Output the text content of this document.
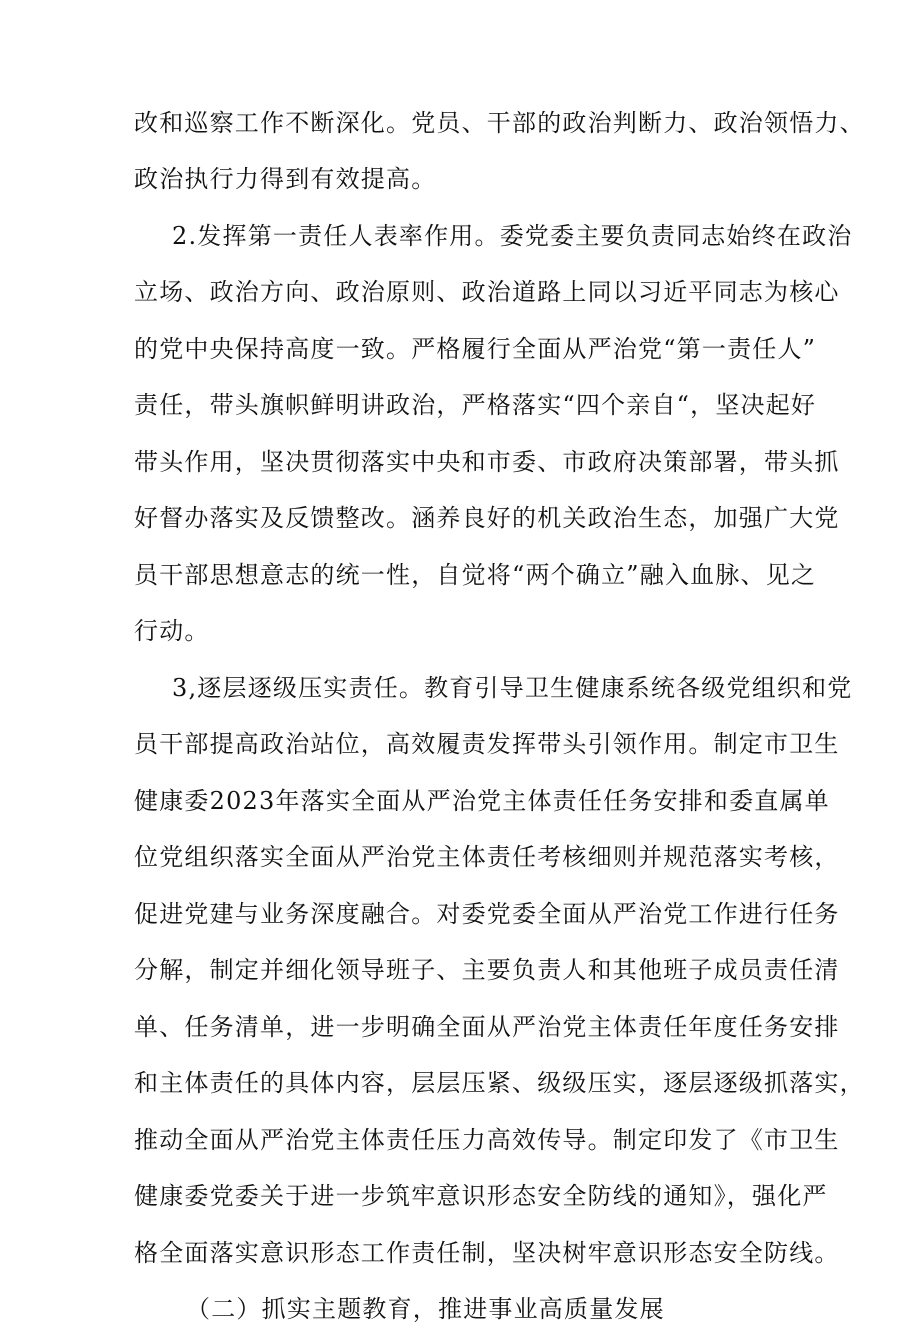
改和巡察工作不断深化。党员、干部的政治判断力、政治领悟力、
政治执行力得到有效提高。
2.发挥第一责任人表率作用。委党委主要负责同志始终在政治
立场、政治方向、政治原则、政治道路上同以习近平同志为核心
的党中央保持高度一致。严格履行全面从严治党“第一责任人”
责任，带头旗帜鲜明讲政治，严格落实“四个亲自“，坚决起好
带头作用，坚决贯彻落实中央和市委、市政府决策部署，带头抓
好督办落实及反馈整改。涵养良好的机关政治生态，加强广大党
员干部思想意志的统一性，自觉将“两个确立”融入血脉、见之
行动。
3,逐层逐级压实责任。教育引导卫生健康系统各级党组织和党
员干部提高政治站位，高效履责发挥带头引领作用。制定市卫生
健康委2023年落实全面从严治党主体责任任务安排和委直属单
位党组织落实全面从严治党主体责任考核细则并规范落实考核，
促进党建与业务深度融合。对委党委全面从严治党工作进行任务
分解，制定并细化领导班子、主要负责人和其他班子成员责任清
单、任务清单，进一步明确全面从严治党主体责任年度任务安排
和主体责任的具体内容，层层压紧、级级压实，逐层逐级抓落实，
推动全面从严治党主体责任压力高效传导。制定印发了《市卫生
健康委党委关于进一步筑牢意识形态安全防线的通知》，强化严
格全面落实意识形态工作责任制，坚决树牢意识形态安全防线。
（二）抓实主题教育，推进事业高质量发展
